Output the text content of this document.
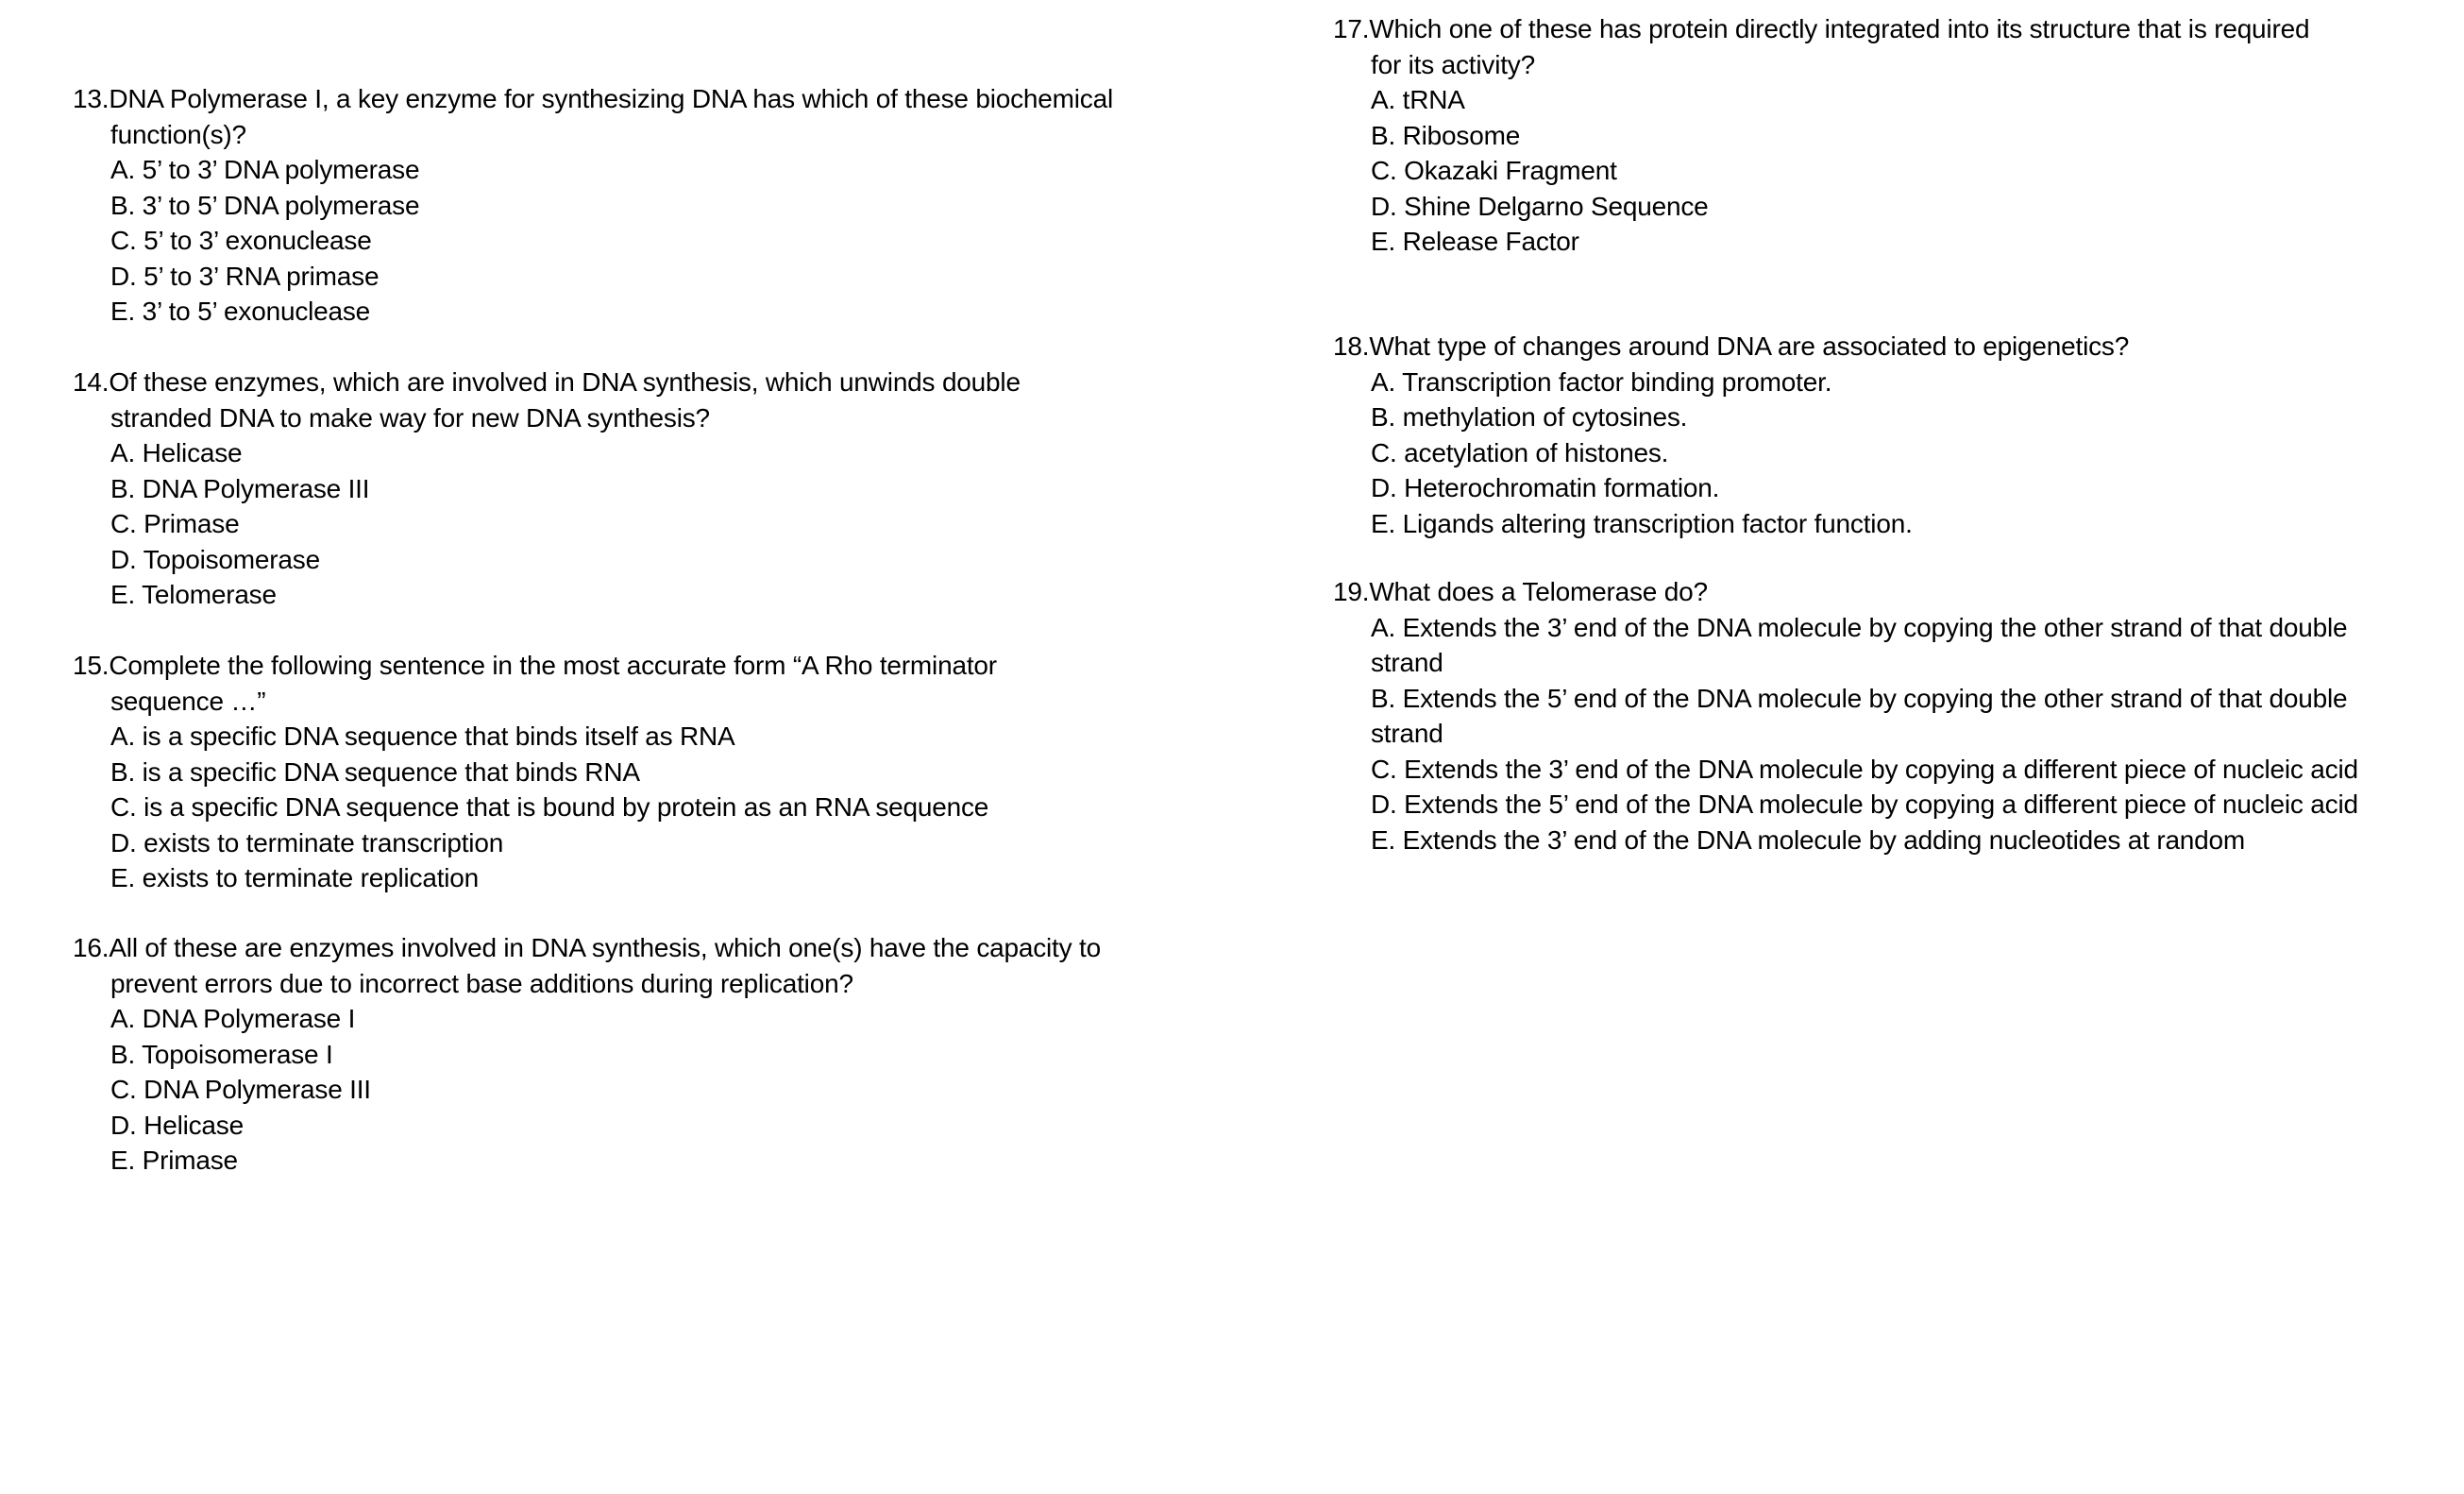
13. DNA Polymerase I, a key enzyme for synthesizing DNA has which of these biochemical
function(s)?
A. 5’ to 3’ DNA polymerase
B. 3’ to 5’ DNA polymerase
C. 5’ to 3’ exonuclease
D. 5’ to 3’ RNA primase
E. 3’ to 5’ exonuclease
14. Of these enzymes, which are involved in DNA synthesis, which unwinds double
stranded DNA to make way for new DNA synthesis?
A. Helicase
B. DNA Polymerase III
C. Primase
D. Topoisomerase
E. Telomerase
15. Complete the following sentence in the most accurate form “A Rho terminator
sequence …”
A. is a specific DNA sequence that binds itself as RNA
B. is a specific DNA sequence that binds RNA
C. is a specific DNA sequence that is bound by protein as an RNA sequence
D. exists to terminate transcription
E. exists to terminate replication
16. All of these are enzymes involved in DNA synthesis, which one(s) have the capacity to
prevent errors due to incorrect base additions during replication?
A. DNA Polymerase I
B. Topoisomerase I
C. DNA Polymerase III
D. Helicase
E. Primase
17. Which one of these has protein directly integrated into its structure that is required
for its activity?
A. tRNA
B. Ribosome
C. Okazaki Fragment
D. Shine Delgarno Sequence
E. Release Factor
18. What type of changes around DNA are associated to epigenetics?
A. Transcription factor binding promoter.
B. methylation of cytosines.
C. acetylation of histones.
D. Heterochromatin formation.
E. Ligands altering transcription factor function.
19. What does a Telomerase do?
A. Extends the 3’ end of the DNA molecule by copying the other strand of that double
strand
B. Extends the 5’ end of the DNA molecule by copying the other strand of that double
strand
C. Extends the 3’ end of the DNA molecule by copying a different piece of nucleic acid
D. Extends the 5’ end of the DNA molecule by copying a different piece of nucleic acid
E. Extends the 3’ end of the DNA molecule by adding nucleotides at random
